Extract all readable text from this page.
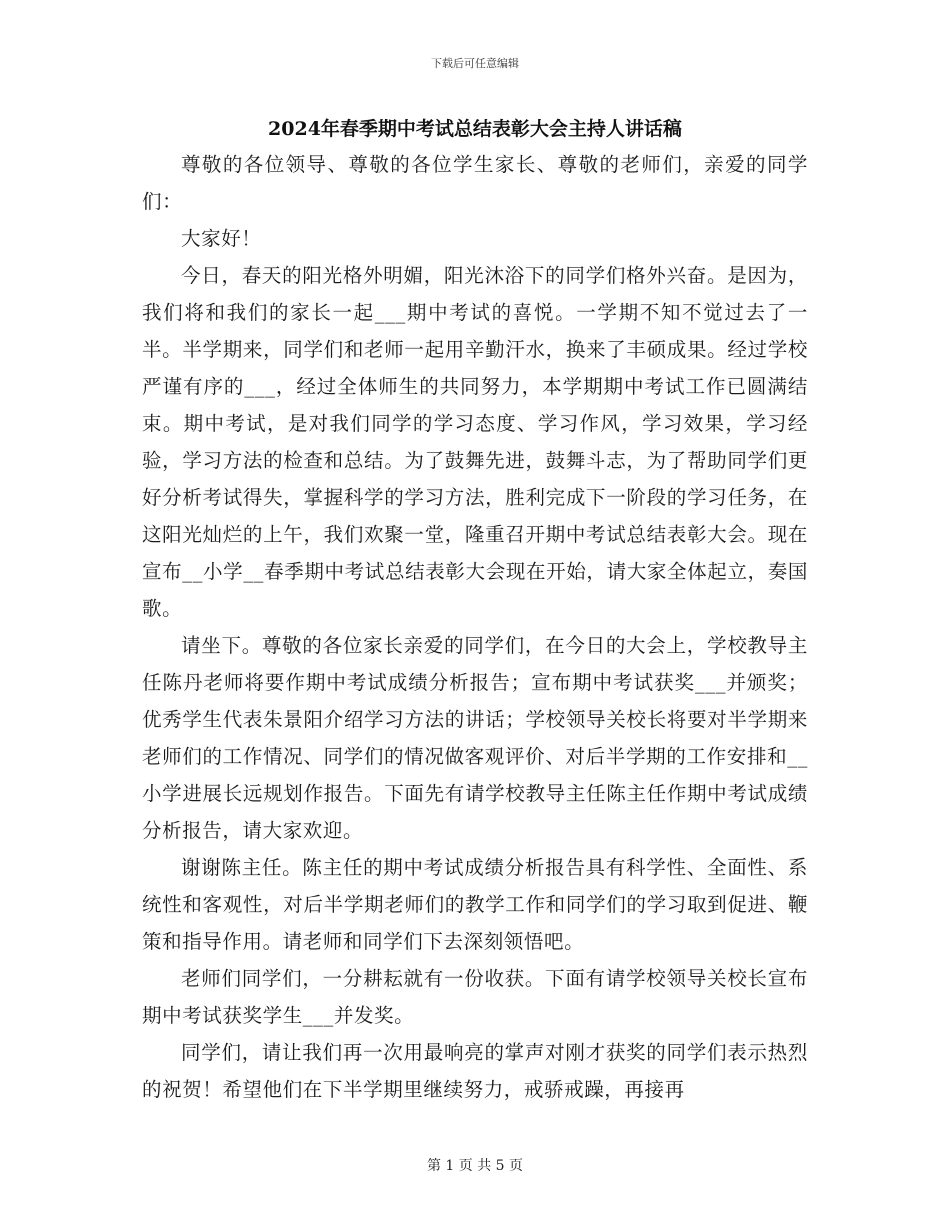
下载后可任意编辑
2024年春季期中考试总结表彰大会主持人讲话稿

尊敬的各位领导、尊敬的各位学生家长、尊敬的老师们，亲爱的同学们：

大家好！

今日，春天的阳光格外明媚，阳光沐浴下的同学们格外兴奋。是因为，我们将和我们的家长一起___期中考试的喜悦。一学期不知不觉过去了一半。半学期来，同学们和老师一起用辛勤汗水，换来了丰硕成果。经过学校严谨有序的___，经过全体师生的共同努力，本学期期中考试工作已圆满结束。期中考试，是对我们同学的学习态度、学习作风，学习效果，学习经验，学习方法的检查和总结。为了鼓舞先进，鼓舞斗志，为了帮助同学们更好分析考试得失，掌握科学的学习方法，胜利完成下一阶段的学习任务，在这阳光灿烂的上午，我们欢聚一堂，隆重召开期中考试总结表彰大会。现在宣布__小学__春季期中考试总结表彰大会现在开始，请大家全体起立，奏国歌。

请坐下。尊敬的各位家长亲爱的同学们，在今日的大会上，学校教导主任陈丹老师将要作期中考试成绩分析报告；宣布期中考试获奖___并颁奖；优秀学生代表朱景阳介绍学习方法的讲话；学校领导关校长将要对半学期来老师们的工作情况、同学们的情况做客观评价、对后半学期的工作安排和__小学进展长远规划作报告。下面先有请学校教导主任陈主任作期中考试成绩分析报告，请大家欢迎。

谢谢陈主任。陈主任的期中考试成绩分析报告具有科学性、全面性、系统性和客观性，对后半学期老师们的教学工作和同学们的学习取到促进、鞭策和指导作用。请老师和同学们下去深刻领悟吧。

老师们同学们，一分耕耘就有一份收获。下面有请学校领导关校长宣布期中考试获奖学生___并发奖。

同学们，请让我们再一次用最响亮的掌声对刚才获奖的同学们表示热烈的祝贺！希望他们在下半学期里继续努力，戒骄戒躁，再接再

第 1 页 共 5 页
